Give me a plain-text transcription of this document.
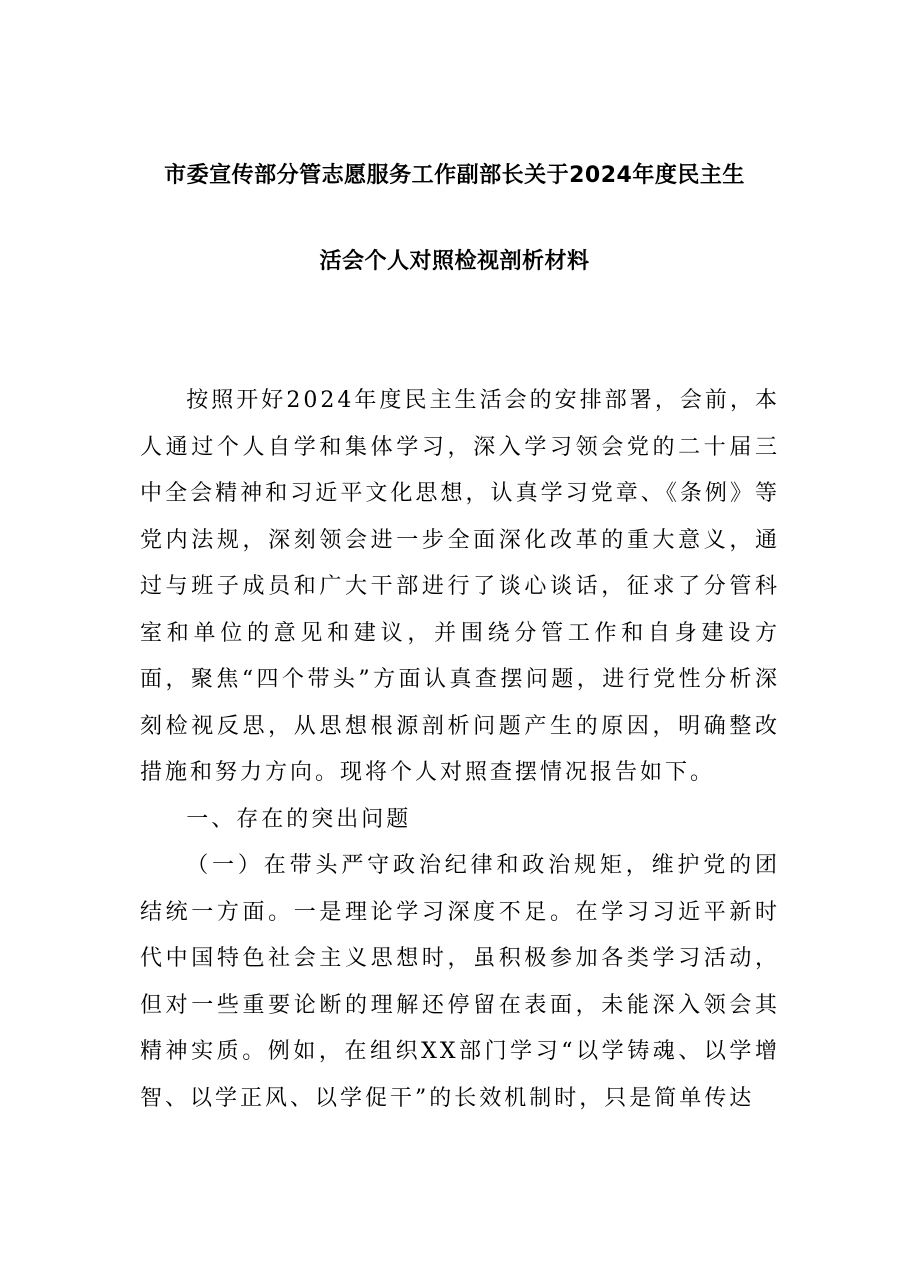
市委宣传部分管志愿服务工作副部长关于2024年度民主生
活会个人对照检视剖析材料

按照开好2024年度民主生活会的安排部署，会前，本人通过个人自学和集体学习，深入学习领会党的二十届三中全会精神和习近平文化思想，认真学习党章、《条例》等党内法规，深刻领会进一步全面深化改革的重大意义，通过与班子成员和广大干部进行了谈心谈话，征求了分管科室和单位的意见和建议，并围绕分管工作和自身建设方面，聚焦“四个带头”方面认真查摆问题，进行党性分析深刻检视反思，从思想根源剖析问题产生的原因，明确整改措施和努力方向。现将个人对照查摆情况报告如下。

一、存在的突出问题

（一）在带头严守政治纪律和政治规矩，维护党的团结统一方面。一是理论学习深度不足。在学习习近平新时代中国特色社会主义思想时，虽积极参加各类学习活动，但对一些重要论断的理解还停留在表面，未能深入领会其精神实质。例如，在组织XX部门学习“以学铸魂、以学增智、以学正风、以学促干”的长效机制时，只是简单传达
